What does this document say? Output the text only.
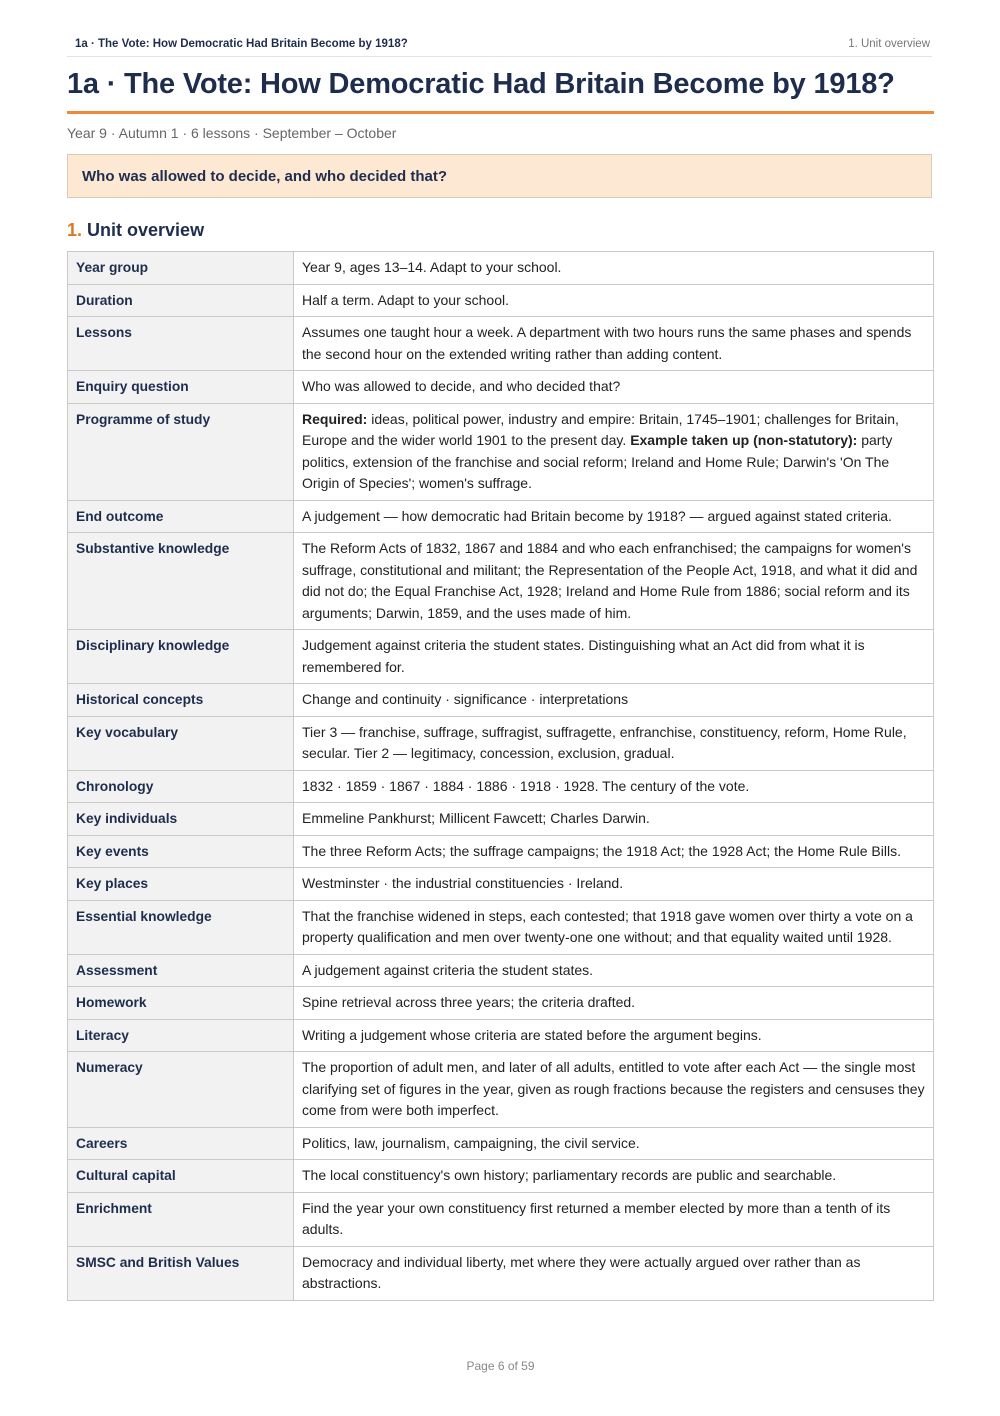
1a · The Vote: How Democratic Had Britain Become by 1918?	1. Unit overview
1a · The Vote: How Democratic Had Britain Become by 1918?
Year 9 · Autumn 1 · 6 lessons · September – October
Who was allowed to decide, and who decided that?
1. Unit overview
Year group	Year 9, ages 13–14. Adapt to your school.
Duration	Half a term. Adapt to your school.
Lessons	Assumes one taught hour a week. A department with two hours runs the same phases and spends the second hour on the extended writing rather than adding content.
Enquiry question	Who was allowed to decide, and who decided that?
Programme of study	Required: ideas, political power, industry and empire: Britain, 1745–1901; challenges for Britain, Europe and the wider world 1901 to the present day. Example taken up (non-statutory): party politics, extension of the franchise and social reform; Ireland and Home Rule; Darwin's 'On The Origin of Species'; women's suffrage.
End outcome	A judgement — how democratic had Britain become by 1918? — argued against stated criteria.
Substantive knowledge	The Reform Acts of 1832, 1867 and 1884 and who each enfranchised; the campaigns for women's suffrage, constitutional and militant; the Representation of the People Act, 1918, and what it did and did not do; the Equal Franchise Act, 1928; Ireland and Home Rule from 1886; social reform and its arguments; Darwin, 1859, and the uses made of him.
Disciplinary knowledge	Judgement against criteria the student states. Distinguishing what an Act did from what it is remembered for.
Historical concepts	Change and continuity · significance · interpretations
Key vocabulary	Tier 3 — franchise, suffrage, suffragist, suffragette, enfranchise, constituency, reform, Home Rule, secular. Tier 2 — legitimacy, concession, exclusion, gradual.
Chronology	1832 · 1859 · 1867 · 1884 · 1886 · 1918 · 1928. The century of the vote.
Key individuals	Emmeline Pankhurst; Millicent Fawcett; Charles Darwin.
Key events	The three Reform Acts; the suffrage campaigns; the 1918 Act; the 1928 Act; the Home Rule Bills.
Key places	Westminster · the industrial constituencies · Ireland.
Essential knowledge	That the franchise widened in steps, each contested; that 1918 gave women over thirty a vote on a property qualification and men over twenty-one one without; and that equality waited until 1928.
Assessment	A judgement against criteria the student states.
Homework	Spine retrieval across three years; the criteria drafted.
Literacy	Writing a judgement whose criteria are stated before the argument begins.
Numeracy	The proportion of adult men, and later of all adults, entitled to vote after each Act — the single most clarifying set of figures in the year, given as rough fractions because the registers and censuses they come from were both imperfect.
Careers	Politics, law, journalism, campaigning, the civil service.
Cultural capital	The local constituency's own history; parliamentary records are public and searchable.
Enrichment	Find the year your own constituency first returned a member elected by more than a tenth of its adults.
SMSC and British Values	Democracy and individual liberty, met where they were actually argued over rather than as abstractions.
Page 6 of 59
